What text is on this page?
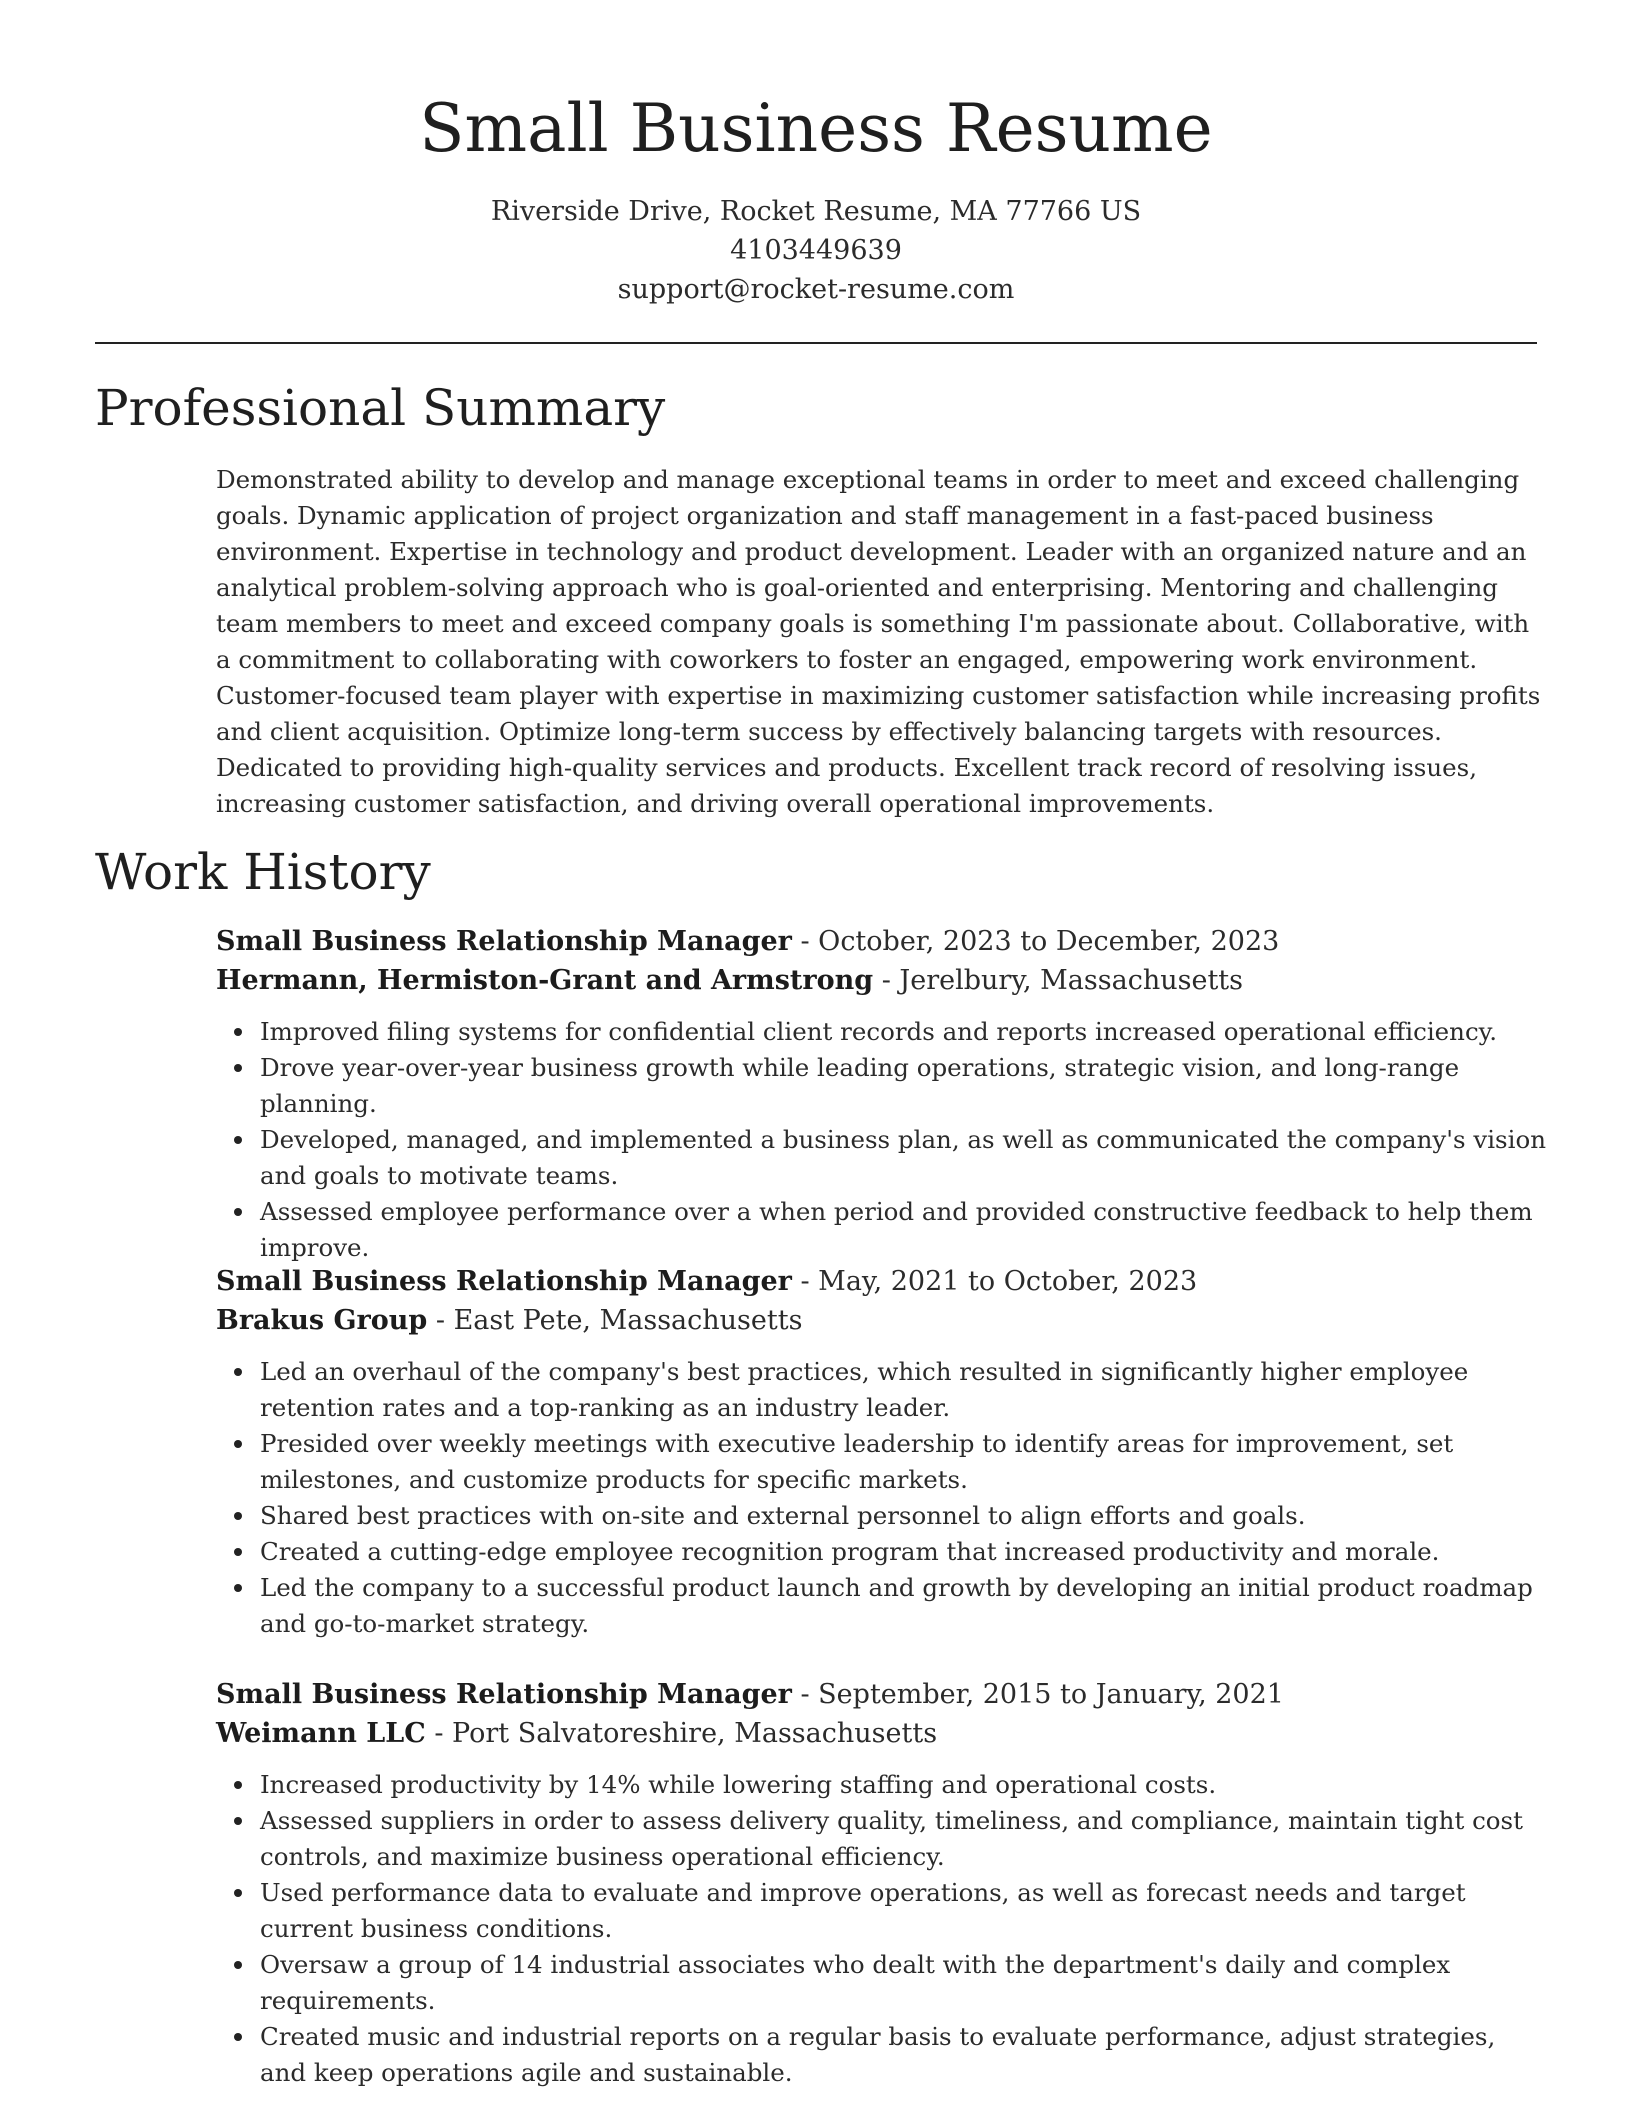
Small Business Resume
Riverside Drive, Rocket Resume, MA 77766 US
4103449639
support@rocket-resume.com
Professional Summary

Demonstrated ability to develop and manage exceptional teams in order to meet and exceed challenging goals. Dynamic application of project organization and staff management in a fast-paced business environment. Expertise in technology and product development. Leader with an organized nature and an analytical problem-solving approach who is goal-oriented and enterprising. Mentoring and challenging team members to meet and exceed company goals is something I'm passionate about. Collaborative, with a commitment to collaborating with coworkers to foster an engaged, empowering work environment. Customer-focused team player with expertise in maximizing customer satisfaction while increasing profits and client acquisition. Optimize long-term success by effectively balancing targets with resources. Dedicated to providing high-quality services and products. Excellent track record of resolving issues, increasing customer satisfaction, and driving overall operational improvements.

Work History
Small Business Relationship Manager - October, 2023 to December, 2023
Hermann, Hermiston-Grant and Armstrong - Jerelbury, Massachusetts
Improved filing systems for confidential client records and reports increased operational efficiency.
Drove year-over-year business growth while leading operations, strategic vision, and long-range planning.
Developed, managed, and implemented a business plan, as well as communicated the company's vision and goals to motivate teams.
Assessed employee performance over a when period and provided constructive feedback to help them improve.
Small Business Relationship Manager - May, 2021 to October, 2023
Brakus Group - East Pete, Massachusetts
Led an overhaul of the company's best practices, which resulted in significantly higher employee retention rates and a top-ranking as an industry leader.
Presided over weekly meetings with executive leadership to identify areas for improvement, set milestones, and customize products for specific markets.
Shared best practices with on-site and external personnel to align efforts and goals.
Created a cutting-edge employee recognition program that increased productivity and morale.
Led the company to a successful product launch and growth by developing an initial product roadmap and go-to-market strategy.
Small Business Relationship Manager - September, 2015 to January, 2021
Weimann LLC - Port Salvatoreshire, Massachusetts
Increased productivity by 14% while lowering staffing and operational costs.
Assessed suppliers in order to assess delivery quality, timeliness, and compliance, maintain tight cost controls, and maximize business operational efficiency.
Used performance data to evaluate and improve operations, as well as forecast needs and target current business conditions.
Oversaw a group of 14 industrial associates who dealt with the department's daily and complex requirements.
Created music and industrial reports on a regular basis to evaluate performance, adjust strategies, and keep operations agile and sustainable.
